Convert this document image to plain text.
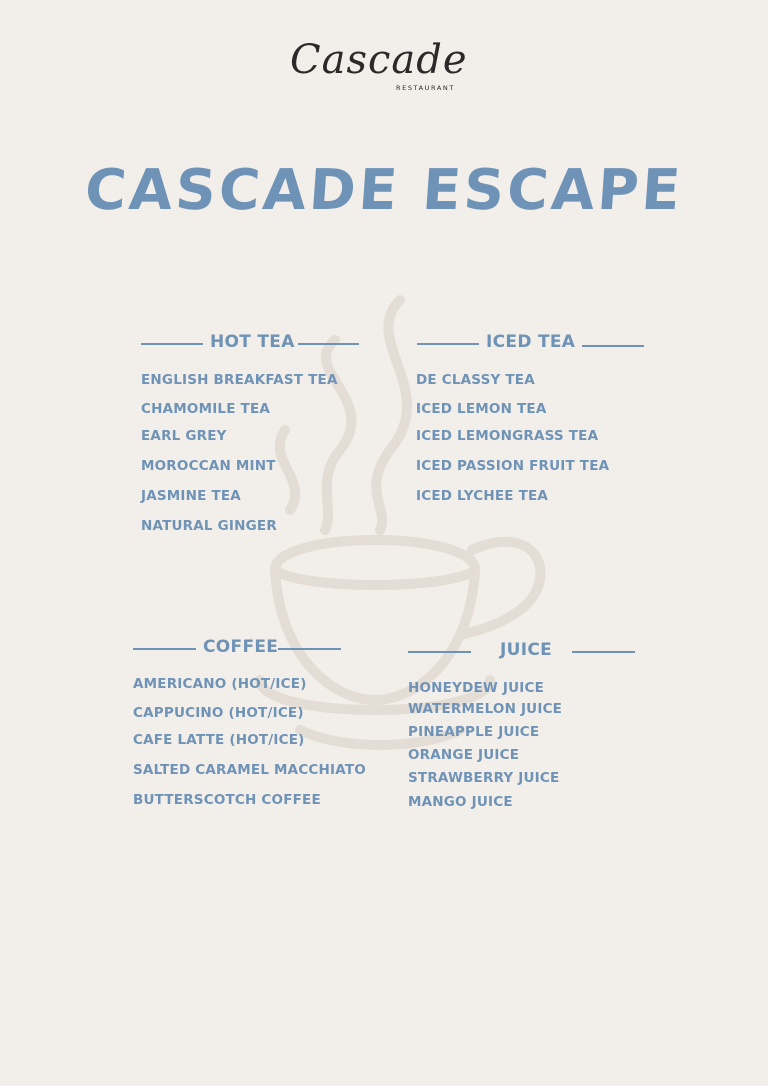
Cascade
RESTAURANT
CASCADE ESCAPE
HOT TEA
ENGLISH BREAKFAST TEA
CHAMOMILE TEA
EARL GREY
MOROCCAN MINT
JASMINE TEA
NATURAL GINGER
ICED TEA
DE CLASSY TEA
ICED LEMON TEA
ICED LEMONGRASS TEA
ICED PASSION FRUIT TEA
ICED LYCHEE TEA
COFFEE
AMERICANO (HOT/ICE)
CAPPUCINO (HOT/ICE)
CAFE LATTE (HOT/ICE)
SALTED CARAMEL MACCHIATO
BUTTERSCOTCH COFFEE
JUICE
HONEYDEW JUICE
WATERMELON JUICE
PINEAPPLE JUICE
ORANGE JUICE
STRAWBERRY JUICE
MANGO JUICE
